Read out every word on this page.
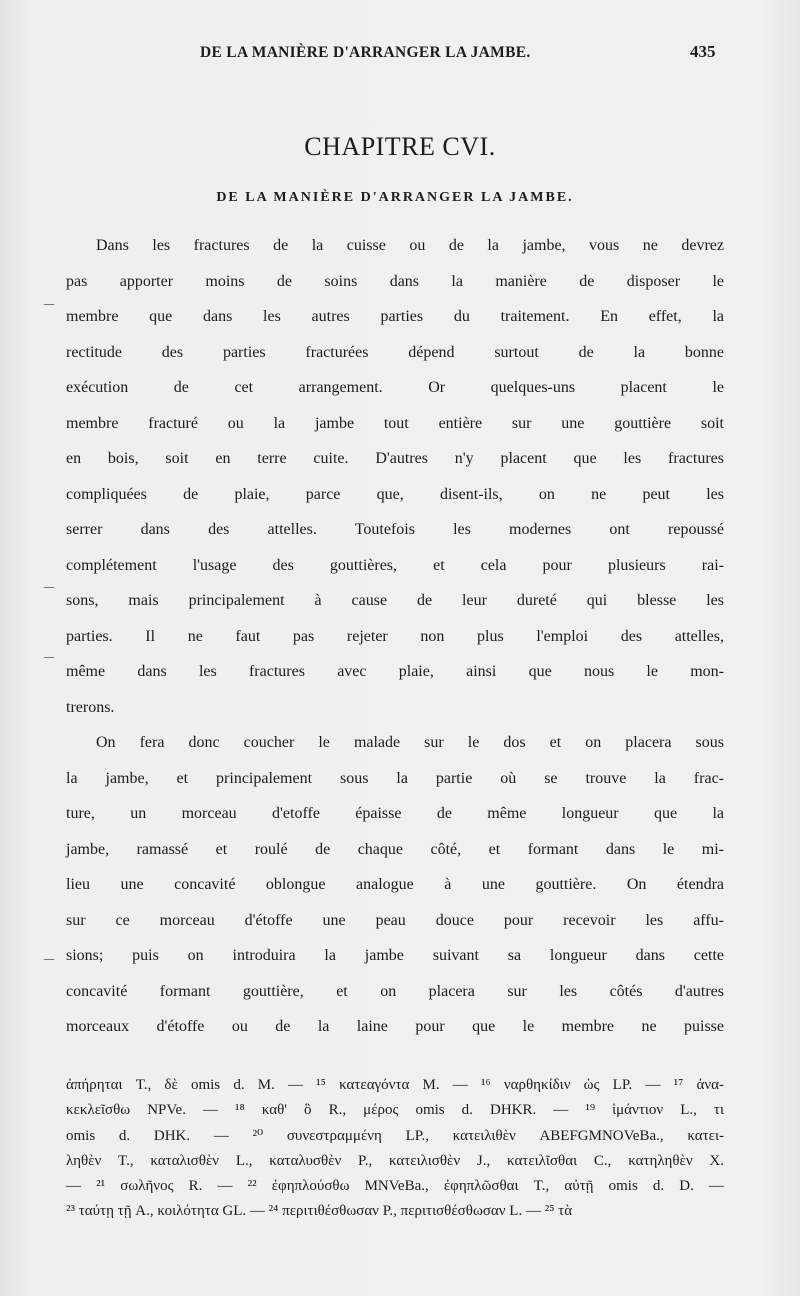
DE LA MANIÈRE D'ARRANGER LA JAMBE.	435
CHAPITRE CVI.
DE LA MANIÈRE D'ARRANGER LA JAMBE.
Dans les fractures de la cuisse ou de la jambe, vous ne devrez
pas apporter moins de soins dans la manière de disposer le
membre que dans les autres parties du traitement. En effet, la
rectitude des parties fracturées dépend surtout de la bonne
exécution de cet arrangement. Or quelques-uns placent le
membre fracturé ou la jambe tout entière sur une gouttière soit
en bois, soit en terre cuite. D'autres n'y placent que les fractures
compliquées de plaie, parce que, disent-ils, on ne peut les
serrer dans des attelles. Toutefois les modernes ont repoussé
complétement l'usage des gouttières, et cela pour plusieurs rai-
sons, mais principalement à cause de leur dureté qui blesse les
parties. Il ne faut pas rejeter non plus l'emploi des attelles,
même dans les fractures avec plaie, ainsi que nous le mon-
trerons.
On fera donc coucher le malade sur le dos et on placera sous
la jambe, et principalement sous la partie où se trouve la frac-
ture, un morceau d'etoffe épaisse de même longueur que la
jambe, ramassé et roulé de chaque côté, et formant dans le mi-
lieu une concavité oblongue analogue à une gouttière. On étendra
sur ce morceau d'étoffe une peau douce pour recevoir les affu-
sions; puis on introduira la jambe suivant sa longueur dans cette
concavité formant gouttière, et on placera sur les côtés d'autres
morceaux d'étoffe ou de la laine pour que le membre ne puisse
–
–
–
–
ἀπήρηται T., δὲ omis d. M. — ¹⁵ κατεαγόντα M. — ¹⁶ ναρθηκίδιν ὡς LP. — ¹⁷ ἀνα-
κεκλεῖσθω NPVe. — ¹⁸ καθ' ὃ R., μέρος omis d. DHKR. — ¹⁹ ἱμάντιον L., τι
omis d. DHK. — ²⁰ συνεστραμμένη LP., κατειλιθὲν ABEFGMNOVeBa., κατει-
ληθὲν T., καταλισθὲν L., καταλυσθὲν P., κατειλισθὲν J., κατειλῖσθαι C., κατηληθὲν X.
— ²¹ σωλῆνος R. — ²² ἐφηπλούσθω MNVeBa., ἐφηπλῶσθαι T., αὐτῇ omis d. D. —
²³ ταύτῃ τῇ A., κοιλότητα GL. — ²⁴ περιτιθέσθωσαν P., περιτισθέσθωσαν L. — ²⁵ τὰ
